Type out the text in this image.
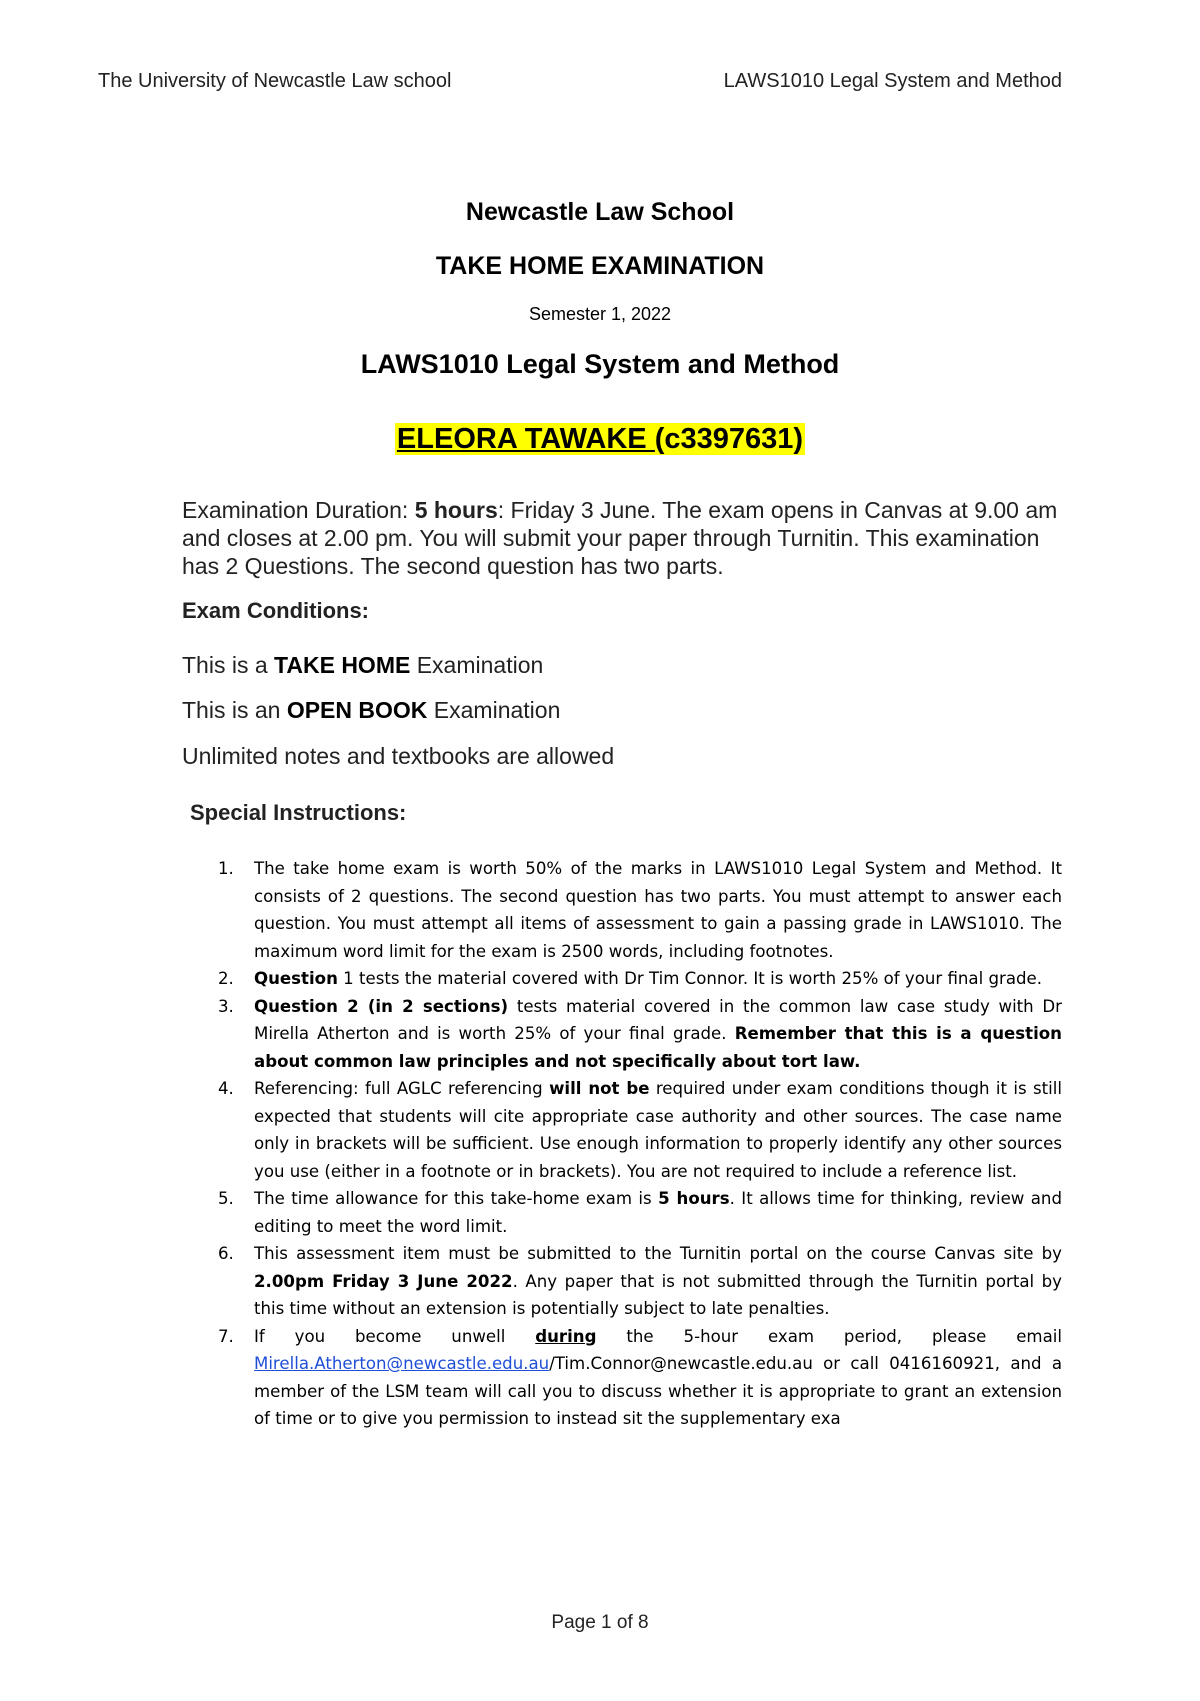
The University of Newcastle Law school	LAWS1010 Legal System and Method
Newcastle Law School
TAKE HOME EXAMINATION
Semester 1, 2022
LAWS1010 Legal System and Method
ELEORA TAWAKE (c3397631)
Examination Duration: 5 hours: Friday 3 June. The exam opens in Canvas at 9.00 am and closes at 2.00 pm. You will submit your paper through Turnitin. This examination has 2 Questions. The second question has two parts.
Exam Conditions:
This is a TAKE HOME Examination
This is an OPEN BOOK Examination
Unlimited notes and textbooks are allowed
Special Instructions:
1. The take home exam is worth 50% of the marks in LAWS1010 Legal System and Method. It consists of 2 questions. The second question has two parts. You must attempt to answer each question. You must attempt all items of assessment to gain a passing grade in LAWS1010. The maximum word limit for the exam is 2500 words, including footnotes.
2. Question 1 tests the material covered with Dr Tim Connor. It is worth 25% of your final grade.
3. Question 2 (in 2 sections) tests material covered in the common law case study with Dr Mirella Atherton and is worth 25% of your final grade. Remember that this is a question about common law principles and not specifically about tort law.
4. Referencing: full AGLC referencing will not be required under exam conditions though it is still expected that students will cite appropriate case authority and other sources. The case name only in brackets will be sufficient. Use enough information to properly identify any other sources you use (either in a footnote or in brackets). You are not required to include a reference list.
5. The time allowance for this take-home exam is 5 hours. It allows time for thinking, review and editing to meet the word limit.
6. This assessment item must be submitted to the Turnitin portal on the course Canvas site by 2.00pm Friday 3 June 2022. Any paper that is not submitted through the Turnitin portal by this time without an extension is potentially subject to late penalties.
7. If you become unwell during the 5-hour exam period, please email Mirella.Atherton@newcastle.edu.au/Tim.Connor@newcastle.edu.au or call 0416160921, and a member of the LSM team will call you to discuss whether it is appropriate to grant an extension of time or to give you permission to instead sit the supplementary exa
Page 1 of 8
